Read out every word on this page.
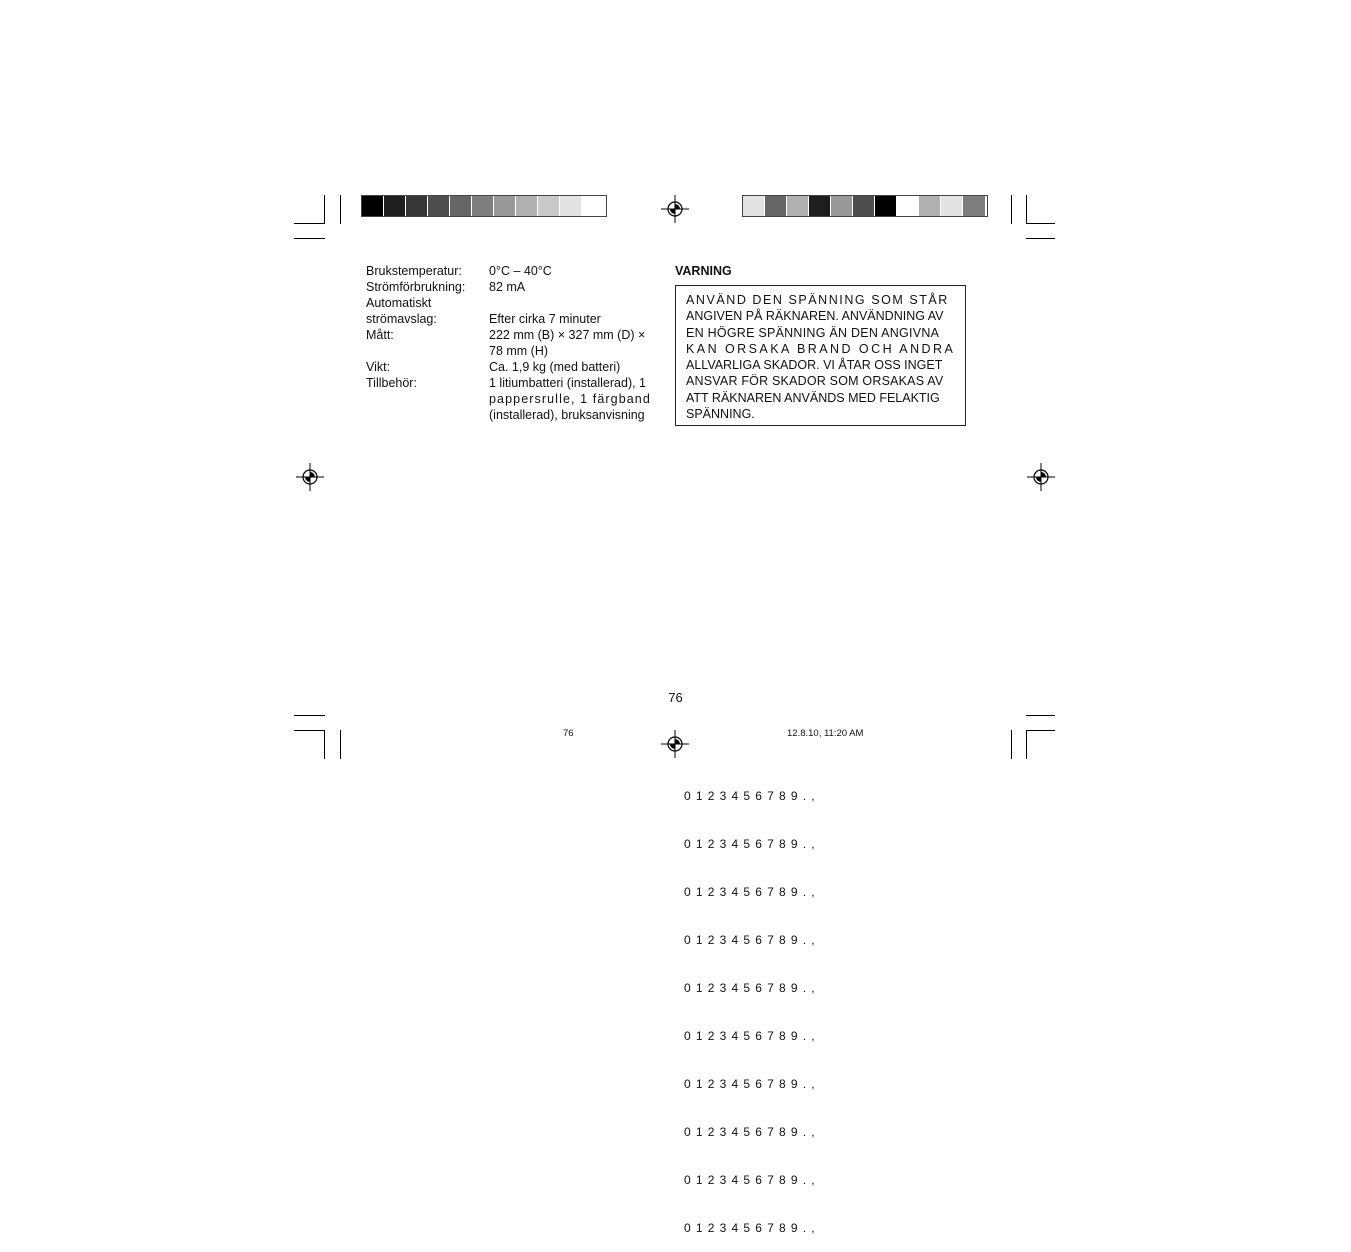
Brukstemperatur:	0°C – 40°C
Strömförbrukning:	82 mA
Automatiskt
strömavslag:	Efter cirka 7 minuter
Mått:	222 mm (B) × 327 mm (D) ×
78 mm (H)
Vikt:	Ca. 1,9 kg (med batteri)
Tillbehör:	1 litiumbatteri (installerad), 1
pappersrulle, 1 färgband
(installerad), bruksanvisning
VARNING
ANVÄND DEN SPÄNNING SOM STÅR
ANGIVEN PÅ RÄKNAREN. ANVÄNDNING AV
EN HÖGRE SPÄNNING ÄN DEN ANGIVNA
KAN ORSAKA BRAND OCH ANDRA
ALLVARLIGA SKADOR. VI ÅTAR OSS INGET
ANSVAR FÖR SKADOR SOM ORSAKAS AV
ATT RÄKNAREN ANVÄNDS MED FELAKTIG
SPÄNNING.
76
76	12.8.10, 11:20 AM

0123456789.,

0123456789.,

0123456789.,

0123456789.,

0123456789.,

0123456789.,

0123456789.,

0123456789.,

0123456789.,

0123456789.,
